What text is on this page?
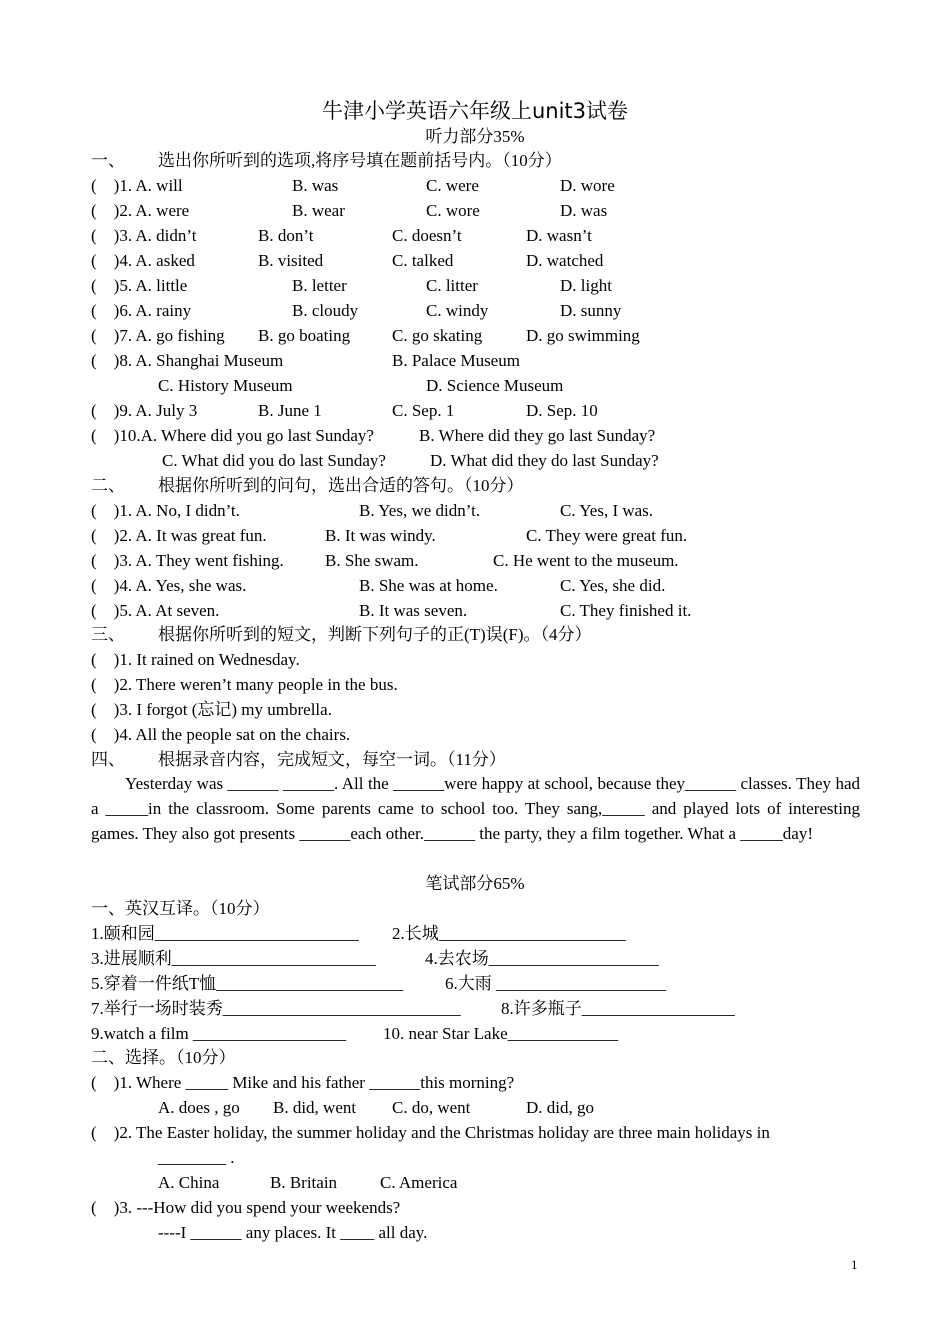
牛津小学英语六年级上unit3试卷
听力部分35%
一、 选出你所听到的选项,将序号填在题前括号内。（10分）
(    )1. A. will	B. was	C. were	D. wore
(    )2. A. were	B. wear	C. wore	D. was
(    )3. A. didn’t	B. don’t	C. doesn’t	D. wasn’t
(    )4. A. asked	B. visited	C. talked	D. watched
(    )5. A. little	B. letter	C. litter	D. light
(    )6. A. rainy	B. cloudy	C. windy	D. sunny
(    )7. A. go fishing B. go boating C. go skating	D. go swimming
(    )8. A. Shanghai Museum	B. Palace Museum
C. History Museum	D. Science Museum
(    )9. A. July 3	B. June 1	C. Sep. 1	D. Sep. 10
(    )10.A. Where did you go last Sunday?	B. Where did they go last Sunday?
C. What did you do last Sunday?	D. What did they do last Sunday?
二、 根据你所听到的问句，选出合适的答句。（10分）
(    )1. A. No, I didn’t.	B. Yes, we didn’t.	C. Yes, I was.
(    )2. A. It was great fun.	B. It was windy.	C. They were great fun.
(    )3. A. They went fishing. B. She swam.	C. He went to the museum.
(    )4. A. Yes, she was.	B. She was at home.	C. Yes, she did.
(    )5. A. At seven.	B. It was seven.	C. They finished it.
三、 根据你所听到的短文，判断下列句子的正(T)误(F)。（4分）
(    )1. It rained on Wednesday.
(    )2. There weren’t many people in the bus.
(    )3. I forgot (忘记) my umbrella.
(    )4. All the people sat on the chairs.
四、 根据录音内容，完成短文，每空一词。（11分）
Yesterday was ______ ______. All the ______were happy at school, because they______ classes. They had a _____in the classroom. Some parents came to school too. They sang,_____ and played lots of interesting games. They also got presents ______each other.______ the party, they a film together. What a _____day!
笔试部分65%
一、英汉互译。（10分）
1.颐和园________________________ 2.长城______________________
3.进展顺利________________________	4.去农场____________________
5.穿着一件纸T恤______________________ 6.大雨 ____________________
7.举行一场时装秀____________________________ 8.许多瓶子__________________
9.watch a film __________________ 10. near Star Lake_____________
二、选择。（10分）
(    )1. Where _____ Mike and his father ______this morning?
A. does , go B. did, went C. do, went	D. did, go
(    )2. The Easter holiday, the summer holiday and the Christmas holiday are three main holidays in
________ .
A. China	B. Britain	C. America
(    )3. ---How did you spend your weekends?
----I ______ any places. It ____ all day.
1
